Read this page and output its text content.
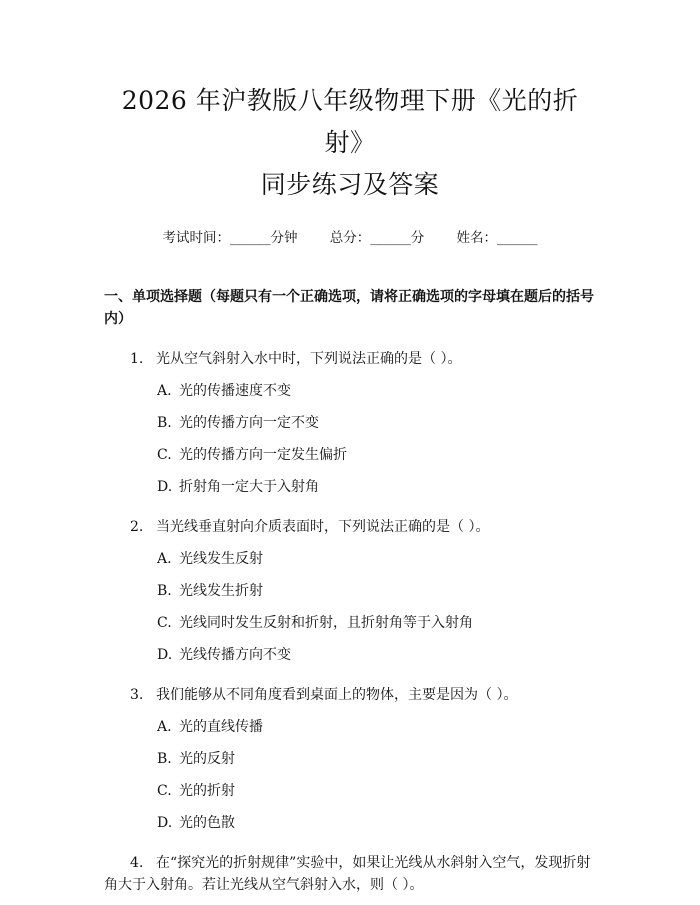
2026 年沪教版八年级物理下册《光的折射》
同步练习及答案
考试时间：______分钟 总分：______分 姓名：______
一、单项选择题（每题只有一个正确选项，请将正确选项的字母填在题后的括号内）
1. 光从空气斜射入水中时，下列说法正确的是（ ）。
A. 光的传播速度不变
B. 光的传播方向一定不变
C. 光的传播方向一定发生偏折
D. 折射角一定大于入射角
2. 当光线垂直射向介质表面时，下列说法正确的是（ ）。
A. 光线发生反射
B. 光线发生折射
C. 光线同时发生反射和折射，且折射角等于入射角
D. 光线传播方向不变
3. 我们能够从不同角度看到桌面上的物体，主要是因为（ ）。
A. 光的直线传播
B. 光的反射
C. 光的折射
D. 光的色散
4. 在“探究光的折射规律”实验中，如果让光线从水斜射入空气，发现折射角大于入射角。若让光线从空气斜射入水，则（ ）。
